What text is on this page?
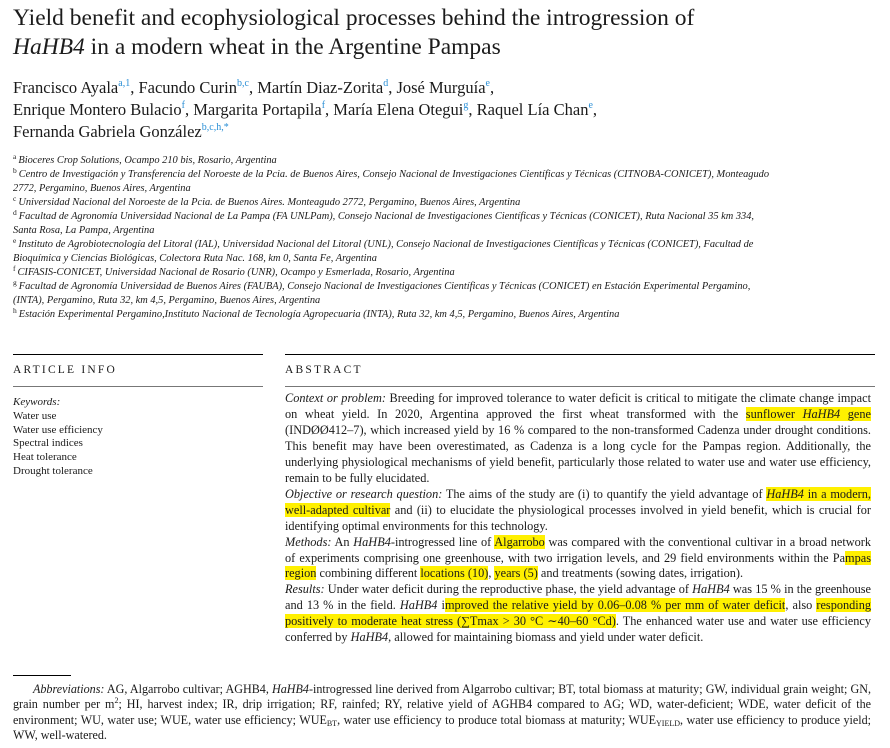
Yield benefit and ecophysiological processes behind the introgression of
HaHB4 in a modern wheat in the Argentine Pampas
Francisco Ayala$^{a,1}$, Facundo Curin$^{b,c}$, Martín Diaz-Zorita$^d$, José Murguía$^e$,
Enrique Montero Bulacio$^f$, Margarita Portapila$^f$, María Elena Otegui$^g$, Raquel Lía Chan$^e$,
Fernanda Gabriela González$^{b,c,h,*}$
$^a$ Bioceres Crop Solutions, Ocampo 210 bis, Rosario, Argentina
$^b$ Centro de Investigación y Transferencia del Noroeste de la Pcia. de Buenos Aires, Consejo Nacional de Investigaciones Científicas y Técnicas (CITNOBA-CONICET), Monteagudo 2772, Pergamino, Buenos Aires, Argentina
$^c$ Universidad Nacional del Noroeste de la Pcia. de Buenos Aires. Monteagudo 2772, Pergamino, Buenos Aires, Argentina
$^d$ Facultad de Agronomía Universidad Nacional de La Pampa (FA UNLPam), Consejo Nacional de Investigaciones Científicas y Técnicas (CONICET), Ruta Nacional 35 km 334, Santa Rosa, La Pampa, Argentina
$^e$ Instituto de Agrobiotecnología del Litoral (IAL), Universidad Nacional del Litoral (UNL), Consejo Nacional de Investigaciones Científicas y Técnicas (CONICET), Facultad de Bioquímica y Ciencias Biológicas, Colectora Ruta Nac. 168, km 0, Santa Fe, Argentina
$^f$ CIFASIS-CONICET, Universidad Nacional de Rosario (UNR), Ocampo y Esmerlada, Rosario, Argentina
$^g$ Facultad de Agronomía Universidad de Buenos Aires (FAUBA), Consejo Nacional de Investigaciones Científicas y Técnicas (CONICET) en Estación Experimental Pergamino, (INTA), Pergamino, Ruta 32, km 4,5, Pergamino, Buenos Aires, Argentina
$^h$ Estación Experimental Pergamino,Instituto Nacional de Tecnología Agropecuaria (INTA), Ruta 32, km 4,5, Pergamino, Buenos Aires, Argentina
ARTICLE INFO	ABSTRACT
Keywords:
Water use
Water use efficiency
Spectral indices
Heat tolerance
Drought tolerance
Context or problem: Breeding for improved tolerance to water deficit is critical to mitigate the climate change impact on wheat yield. In 2020, Argentina approved the first wheat transformed with the sunflower HaHB4 gene (INDØØ412–7), which increased yield by 16 % compared to the non-transformed Cadenza under drought conditions. This benefit may have been overestimated, as Cadenza is a long cycle for the Pampas region. Additionally, the underlying physiological mechanisms of yield benefit, particularly those related to water use and water use efficiency, remain to be fully elucidated.
Objective or research question: The aims of the study are (i) to quantify the yield advantage of HaHB4 in a modern, well-adapted cultivar and (ii) to elucidate the physiological processes involved in yield benefit, which is crucial for identifying optimal environments for this technology.
Methods: An HaHB4-introgressed line of Algarrobo was compared with the conventional cultivar in a broad network of experiments comprising one greenhouse, with two irrigation levels, and 29 field environments within the Pampas region combining different locations (10), years (5) and treatments (sowing dates, irrigation).
Results: Under water deficit during the reproductive phase, the yield advantage of HaHB4 was 15 % in the greenhouse and 13 % in the field. HaHB4 improved the relative yield by 0.06–0.08 % per mm of water deficit, also responding positively to moderate heat stress (∑Tmax > 30 °C ∼40–60 °Cd). The enhanced water use and water use efficiency conferred by HaHB4, allowed for maintaining biomass and yield under water deficit.
Abbreviations: AG, Algarrobo cultivar; AGHB4, HaHB4-introgressed line derived from Algarrobo cultivar; BT, total biomass at maturity; GW, individual grain weight; GN, grain number per $m^2$; HI, harvest index; IR, drip irrigation; RF, rainfed; RY, relative yield of AGHB4 compared to AG; WD, water-deficient; WDE, water deficit of the environment; WU, water use; WUE, water use efficiency; $WUE_{BT}$, water use efficiency to produce total biomass at maturity; $WUE_{YIELD}$, water use efficiency to produce yield; WW, well-watered.
